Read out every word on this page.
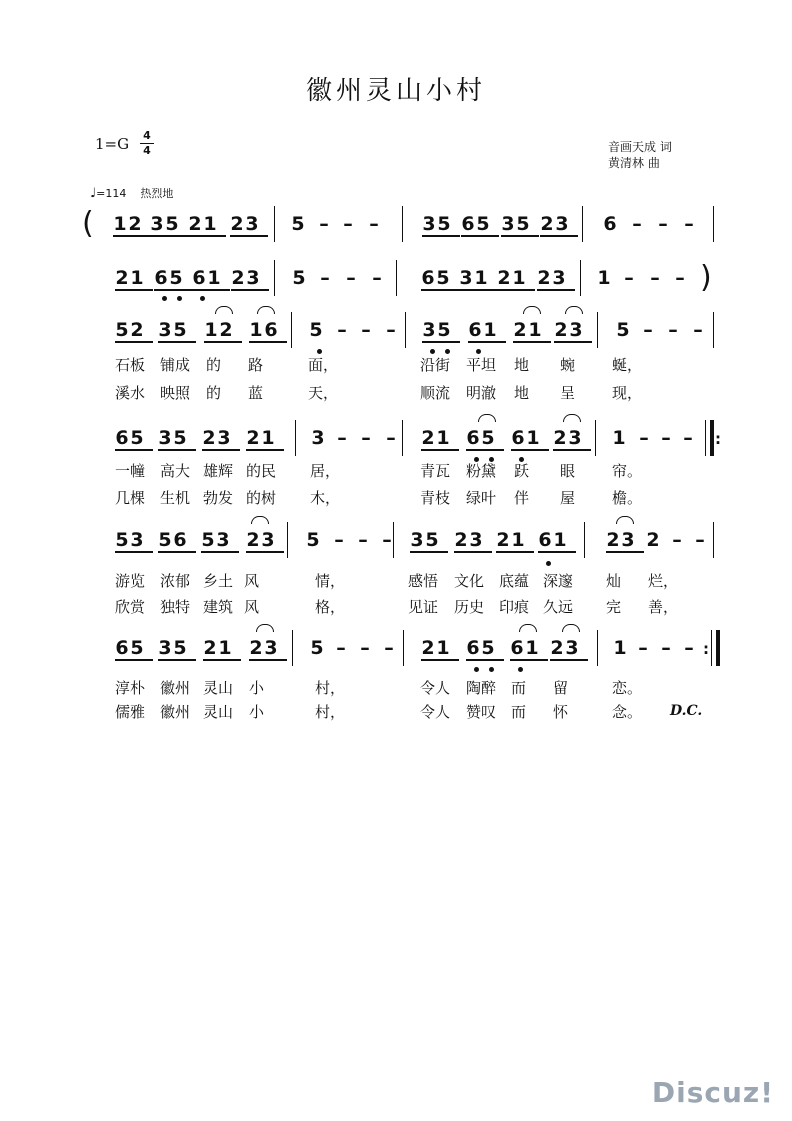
徽州灵山小村
1=G 4
4	音画天成 词
黄清林 曲
♩=114 热烈地
1 2 3 5 2 1 2 3 5 – – – 3 5 6 5 3 5 2 3 6 – – –
(
2 1 6 5 6 1 2 3 5 – – – 6 5 3 1 2 1 2 3 1 – – – )
5 2 3 5 1 2 1 6 5 – – – 3 5 6 1 2 1 2 3 5 – – –
6 5 3 5 2 3 2 1 3 – – – 2 1 6 5 6 1 2 3 1 – – – :
5 3 5 6 5 3 2 3 5 – – – 3 5 2 3 2 1 6 1 2 3 2 – –
6 5 3 5 2 1 2 3 5 – – – 2 1 6 5 6 1 2 3 1 – – – :
石板 铺成 的 路	面，	沿街 平坦 地 蜿 蜒，
溪水 映照 的 蓝	天，	顺流 明澈 地 呈 现，
一幢 高大 雄辉 的民 居，	青瓦 粉黛 跃 眼 帘。
几棵 生机 勃发 的树 木，	青枝 绿叶 伴 屋 檐。
游览 浓郁 乡土 风	情，	感悟 文化 底蕴 深邃 灿 烂，
欣赏 独特 建筑 风	格，	见证 历史 印痕 久远 完 善，
淳朴 徽州 灵山 小	村，	令人 陶醉 而 留	恋。
儒雅 徽州 灵山 小	村，	令人 赞叹 而 怀	念。 D.C.
Discuz!
